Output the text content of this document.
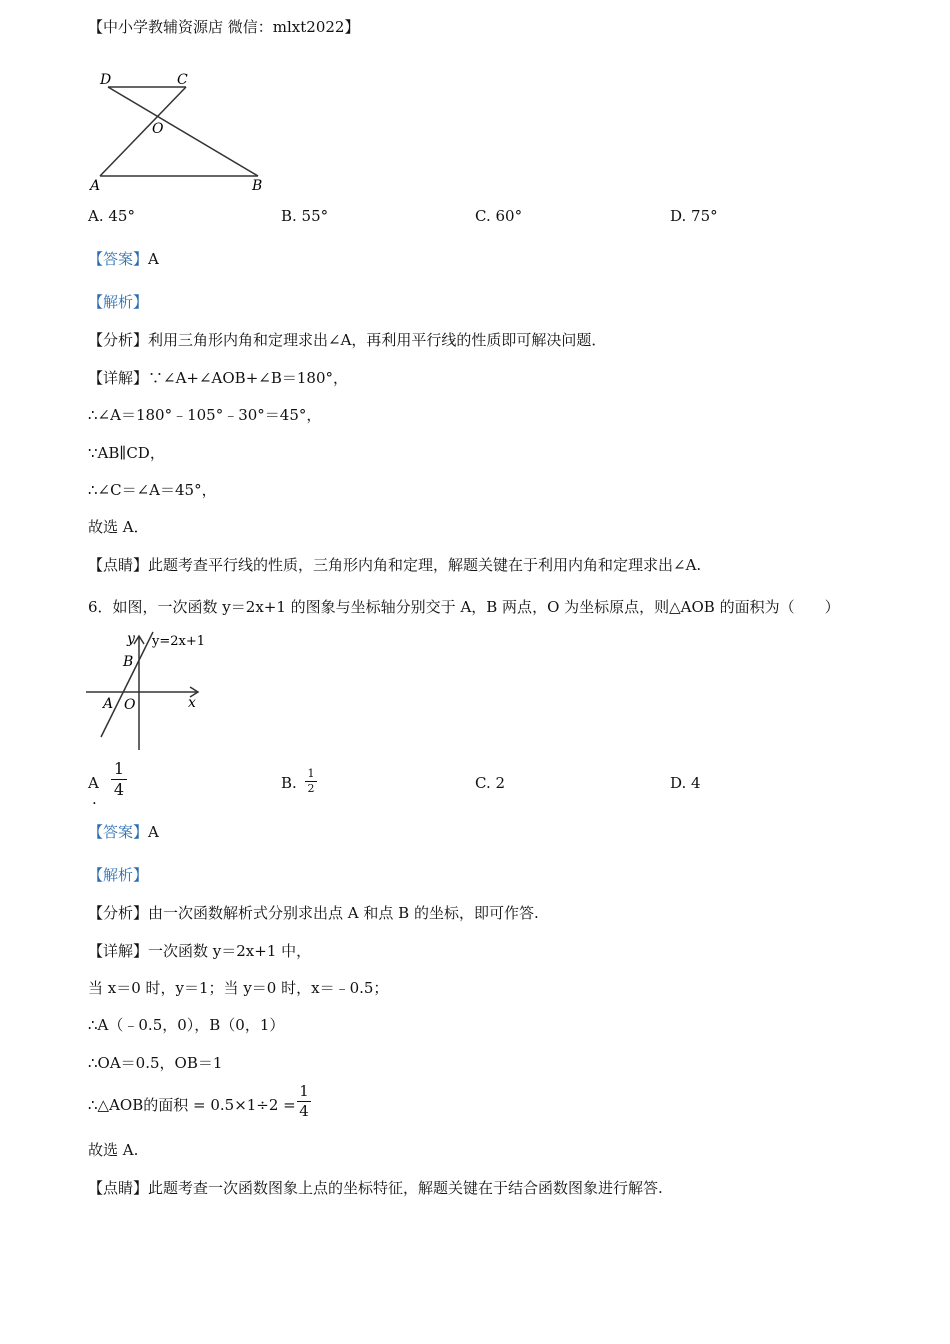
【中小学教辅资源店 微信：mlxt2022】
D	C
O
A	B
A. 45°	B. 55°	C. 60°	D. 75°
【答案】A
【解析】
【分析】利用三角形内角和定理求出∠A，再利用平行线的性质即可解决问题．
【详解】∵∠A+∠AOB+∠B＝180°，
∴∠A＝180°﹣105°﹣30°＝45°，
∵AB∥CD，
∴∠C＝∠A＝45°，
故选 A．
【点睛】此题考查平行线的性质，三角形内角和定理，解题关键在于利用内角和定理求出∠A.
6．如图，一次函数 y＝2x+1 的图象与坐标轴分别交于 A，B 两点，O 为坐标原点，则△AOB 的面积为（　　）
y y=2x+1
B
A O	x
A
.
1
4	B.
1
2	C. 2	D. 4
【答案】A
【解析】
【分析】由一次函数解析式分别求出点 A 和点 B 的坐标，即可作答.
【详解】一次函数 y＝2x+1 中，
当 x＝0 时，y＝1；当 y＝0 时，x＝﹣0.5；
∴A（﹣0.5，0），B（0，1）
∴OA＝0.5，OB＝1
∴△AOB的面积 = 0.5×1÷2 =
1
4
故选 A.
【点睛】此题考查一次函数图象上点的坐标特征，解题关键在于结合函数图象进行解答.
